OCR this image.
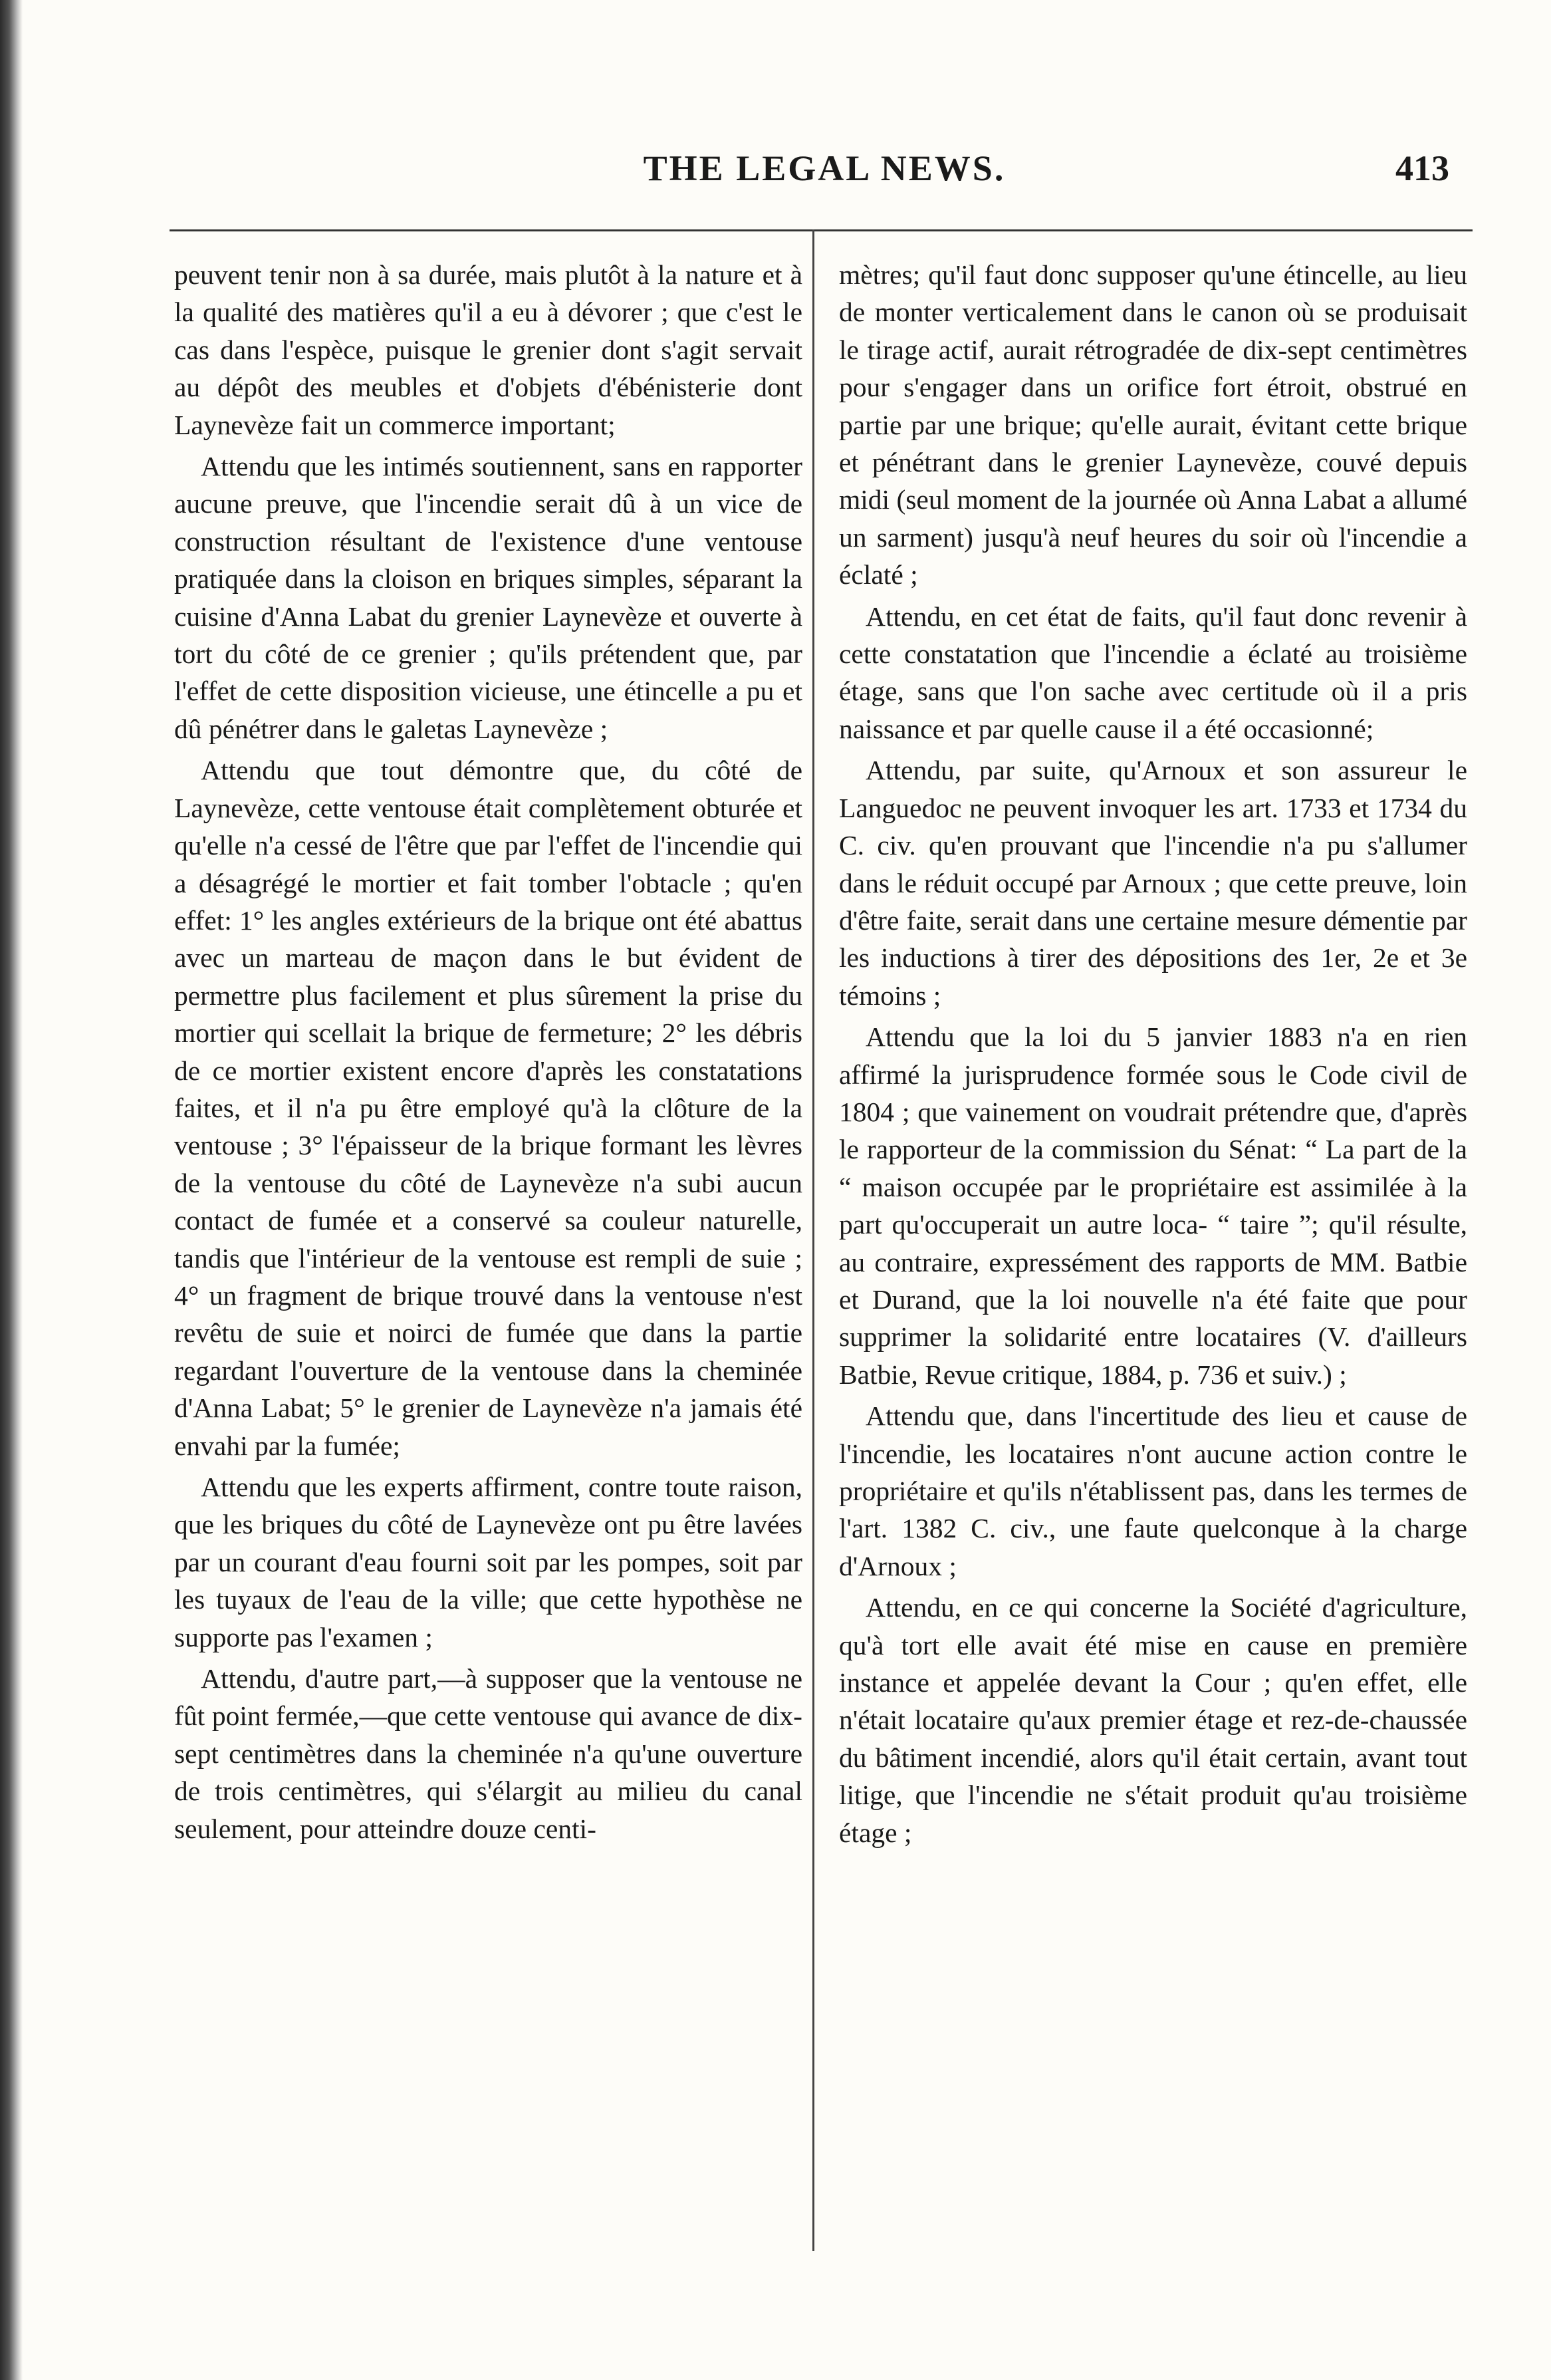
THE LEGAL NEWS.	413

peuvent tenir non à sa durée, mais plutôt à la nature et à la qualité des matières qu'il a eu à dévorer ; que c'est le cas dans l'espèce, puisque le grenier dont s'agit servait au dépôt des meubles et d'objets d'ébénisterie dont Laynevèze fait un commerce important;

Attendu que les intimés soutiennent, sans en rapporter aucune preuve, que l'incendie serait dû à un vice de construction résultant de l'existence d'une ventouse pratiquée dans la cloison en briques simples, séparant la cuisine d'Anna Labat du grenier Laynevèze et ouverte à tort du côté de ce grenier ; qu'ils prétendent que, par l'effet de cette disposition vicieuse, une étincelle a pu et dû pénétrer dans le galetas Laynevèze ;

Attendu que tout démontre que, du côté de Laynevèze, cette ventouse était complètement obturée et qu'elle n'a cessé de l'être que par l'effet de l'incendie qui a désagrégé le mortier et fait tomber l'obtacle ; qu'en effet: 1° les angles extérieurs de la brique ont été abattus avec un marteau de maçon dans le but évident de permettre plus facilement et plus sûrement la prise du mortier qui scellait la brique de fermeture; 2° les débris de ce mortier existent encore d'après les constatations faites, et il n'a pu être employé qu'à la clôture de la ventouse ; 3° l'épaisseur de la brique formant les lèvres de la ventouse du côté de Laynevèze n'a subi aucun contact de fumée et a conservé sa couleur naturelle, tandis que l'intérieur de la ventouse est rempli de suie ; 4° un fragment de brique trouvé dans la ventouse n'est revêtu de suie et noirci de fumée que dans la partie regardant l'ouverture de la ventouse dans la cheminée d'Anna Labat; 5° le grenier de Laynevèze n'a jamais été envahi par la fumée;

Attendu que les experts affirment, contre toute raison, que les briques du côté de Laynevèze ont pu être lavées par un courant d'eau fourni soit par les pompes, soit par les tuyaux de l'eau de la ville; que cette hypothèse ne supporte pas l'examen ;

Attendu, d'autre part,—à supposer que la ventouse ne fût point fermée,—que cette ventouse qui avance de dix-sept centimètres dans la cheminée n'a qu'une ouverture de trois centimètres, qui s'élargit au milieu du canal seulement, pour atteindre douze centi-

mètres; qu'il faut donc supposer qu'une étincelle, au lieu de monter verticalement dans le canon où se produisait le tirage actif, aurait rétrogradée de dix-sept centimètres pour s'engager dans un orifice fort étroit, obstrué en partie par une brique; qu'elle aurait, évitant cette brique et pénétrant dans le grenier Laynevèze, couvé depuis midi (seul moment de la journée où Anna Labat a allumé un sarment) jusqu'à neuf heures du soir où l'incendie a éclaté ;

Attendu, en cet état de faits, qu'il faut donc revenir à cette constatation que l'incendie a éclaté au troisième étage, sans que l'on sache avec certitude où il a pris naissance et par quelle cause il a été occasionné;

Attendu, par suite, qu'Arnoux et son assureur le Languedoc ne peuvent invoquer les art. 1733 et 1734 du C. civ. qu'en prouvant que l'incendie n'a pu s'allumer dans le réduit occupé par Arnoux ; que cette preuve, loin d'être faite, serait dans une certaine mesure démentie par les inductions à tirer des dépositions des 1er, 2e et 3e témoins ;

Attendu que la loi du 5 janvier 1883 n'a en rien affirmé la jurisprudence formée sous le Code civil de 1804 ; que vainement on voudrait prétendre que, d'après le rapporteur de la commission du Sénat: “ La part de la “ maison occupée par le propriétaire est assimilée à la part qu'occuperait un autre loca- “ taire ”; qu'il résulte, au contraire, expressément des rapports de MM. Batbie et Durand, que la loi nouvelle n'a été faite que pour supprimer la solidarité entre locataires (V. d'ailleurs Batbie, Revue critique, 1884, p. 736 et suiv.) ;

Attendu que, dans l'incertitude des lieu et cause de l'incendie, les locataires n'ont aucune action contre le propriétaire et qu'ils n'établissent pas, dans les termes de l'art. 1382 C. civ., une faute quelconque à la charge d'Arnoux ;

Attendu, en ce qui concerne la Société d'agriculture, qu'à tort elle avait été mise en cause en première instance et appelée devant la Cour ; qu'en effet, elle n'était locataire qu'aux premier étage et rez-de-chaussée du bâtiment incendié, alors qu'il était certain, avant tout litige, que l'incendie ne s'était produit qu'au troisième étage ;
